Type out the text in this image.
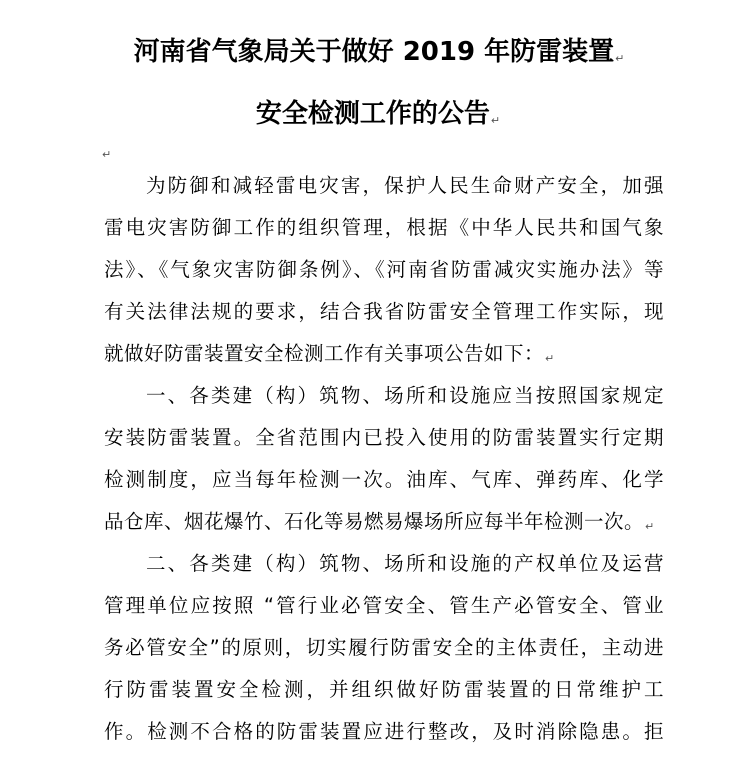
河南省气象局关于做好 2019 年防雷装置↵
安全检测工作的公告↵
↵
为防御和减轻雷电灾害，保护人民生命财产安全，加强
雷电灾害防御工作的组织管理，根据《中华人民共和国气象
法》、《气象灾害防御条例》、《河南省防雷减灾实施办法》等
有关法律法规的要求，结合我省防雷安全管理工作实际，现
就做好防雷装置安全检测工作有关事项公告如下：↵
一、各类建（构）筑物、场所和设施应当按照国家规定
安装防雷装置。全省范围内已投入使用的防雷装置实行定期
检测制度，应当每年检测一次。油库、气库、弹药库、化学
品仓库、烟花爆竹、石化等易燃易爆场所应每半年检测一次。↵
二、各类建（构）筑物、场所和设施的产权单位及运营
管理单位应按照 “管行业必管安全、管生产必管安全、管业
务必管安全”的原则，切实履行防雷安全的主体责任，主动进
行防雷装置安全检测，并组织做好防雷装置的日常维护工
作。检测不合格的防雷装置应进行整改，及时消除隐患。拒
